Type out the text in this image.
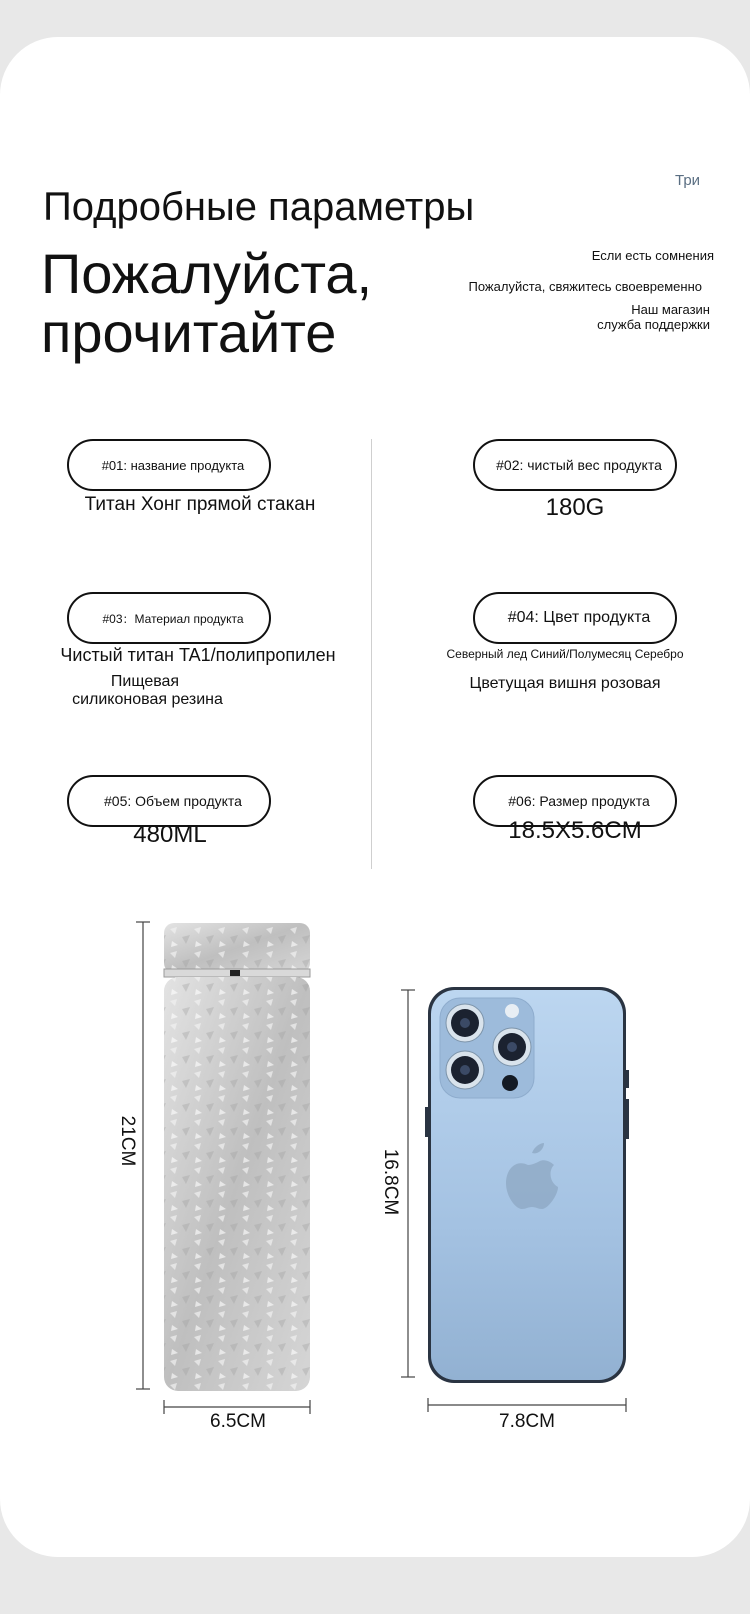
Три
Подробные параметры
Пожалуйста,
прочитайте
Если есть сомнения
Пожалуйста, свяжитесь своевременно
Наш магазин
служба поддержки
#01: название продукта
Титан Хонг прямой стакан
#02: чистый вес продукта
180G
#03：Материал продукта
Чистый титан TA1/полипропилен
Пищевая
силиконовая резина
#04: Цвет продукта
Северный лед Синий/Полумесяц Серебро
Цветущая вишня розовая
#05: Объем продукта
480ML
#06: Размер продукта
18.5X5.6CM
21CM
6.5CM
16.8CM
7.8CM
